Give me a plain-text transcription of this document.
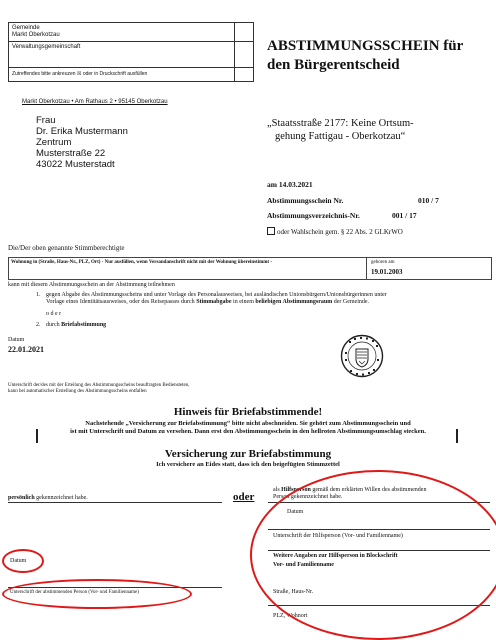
Gemeinde
Markt Oberkotzau
Verwaltungsgemeinschaft
Zutreffendes bitte ankreuzen ☒ oder in Druckschrift ausfüllen
ABSTIMMUNGSSCHEIN für
den Bürgerentscheid
Markt Oberkotzau • Am Rathaus 2 • 95145 Oberkotzau
Frau
Dr. Erika Mustermann
Zentrum
Musterstraße 22
43022 Musterstadt
„Staatsstraße 2177: Keine Ortsum-
gehung Fattigau - Oberkotzau“
am 14.03.2021
Abstimmungsschein Nr.	010 / 7
Abstimmungsverzeichnis-Nr.	001 / 17
oder Wahlschein gem. § 22 Abs. 2 GLKrWO
Die/Der oben genannte Stimmberechtigte
Wohnung in (Straße, Haus-Nr., PLZ, Ort) - Nur ausfüllen, wenn Versandanschrift nicht mit der Wohnung übereinstimmt -	geboren am
19.01.2003
kann mit diesem Abstimmungsschein an der Abstimmung teilnehmen
1. gegen Abgabe des Abstimmungsscheins und unter Vorlage des Personalausweises, bei ausländischen Unionsbürgern/Unionsbürgerinnen unter
Vorlage eines Identitätsausweises, oder des Reisepasses durch Stimmabgabe in einem beliebigen Abstimmungsraum der Gemeinde.
o d e r
2. durch Briefabstimmung
Datum
22.01.2021
Unterschrift der/des mit der Erteilung des Abstimmungsscheins beauftragten Bediensteten,
kann bei automatischer Erstellung des Abstimmungsscheins entfallen
Hinweis für Briefabstimmende!
Nachstehende „Versicherung zur Briefabstimmung“ bitte nicht abschneiden. Sie gehört zum Abstimmungsschein und
ist mit Unterschrift und Datum zu versehen. Dann erst den Abstimmungsschein in den hellroten Abstimmungsumschlag stecken.
Versicherung zur Briefabstimmung
Ich versichere an Eides statt, dass ich den beigefügten Stimmzettel
persönlich gekennzeichnet habe.	oder
als Hilfsperson gemäß dem erklärten Willen des abstimmenden
Person gekennzeichnet habe.
Datum
Unterschrift der Hilfsperson (Vor- und Familienname)
Weitere Angaben zur Hilfsperson in Blockschrift
Vor- und Familienname
Straße, Haus-Nr.
PLZ, Wohnort
Datum
Unterschrift der abstimmenden Person (Vor- und Familienname)
